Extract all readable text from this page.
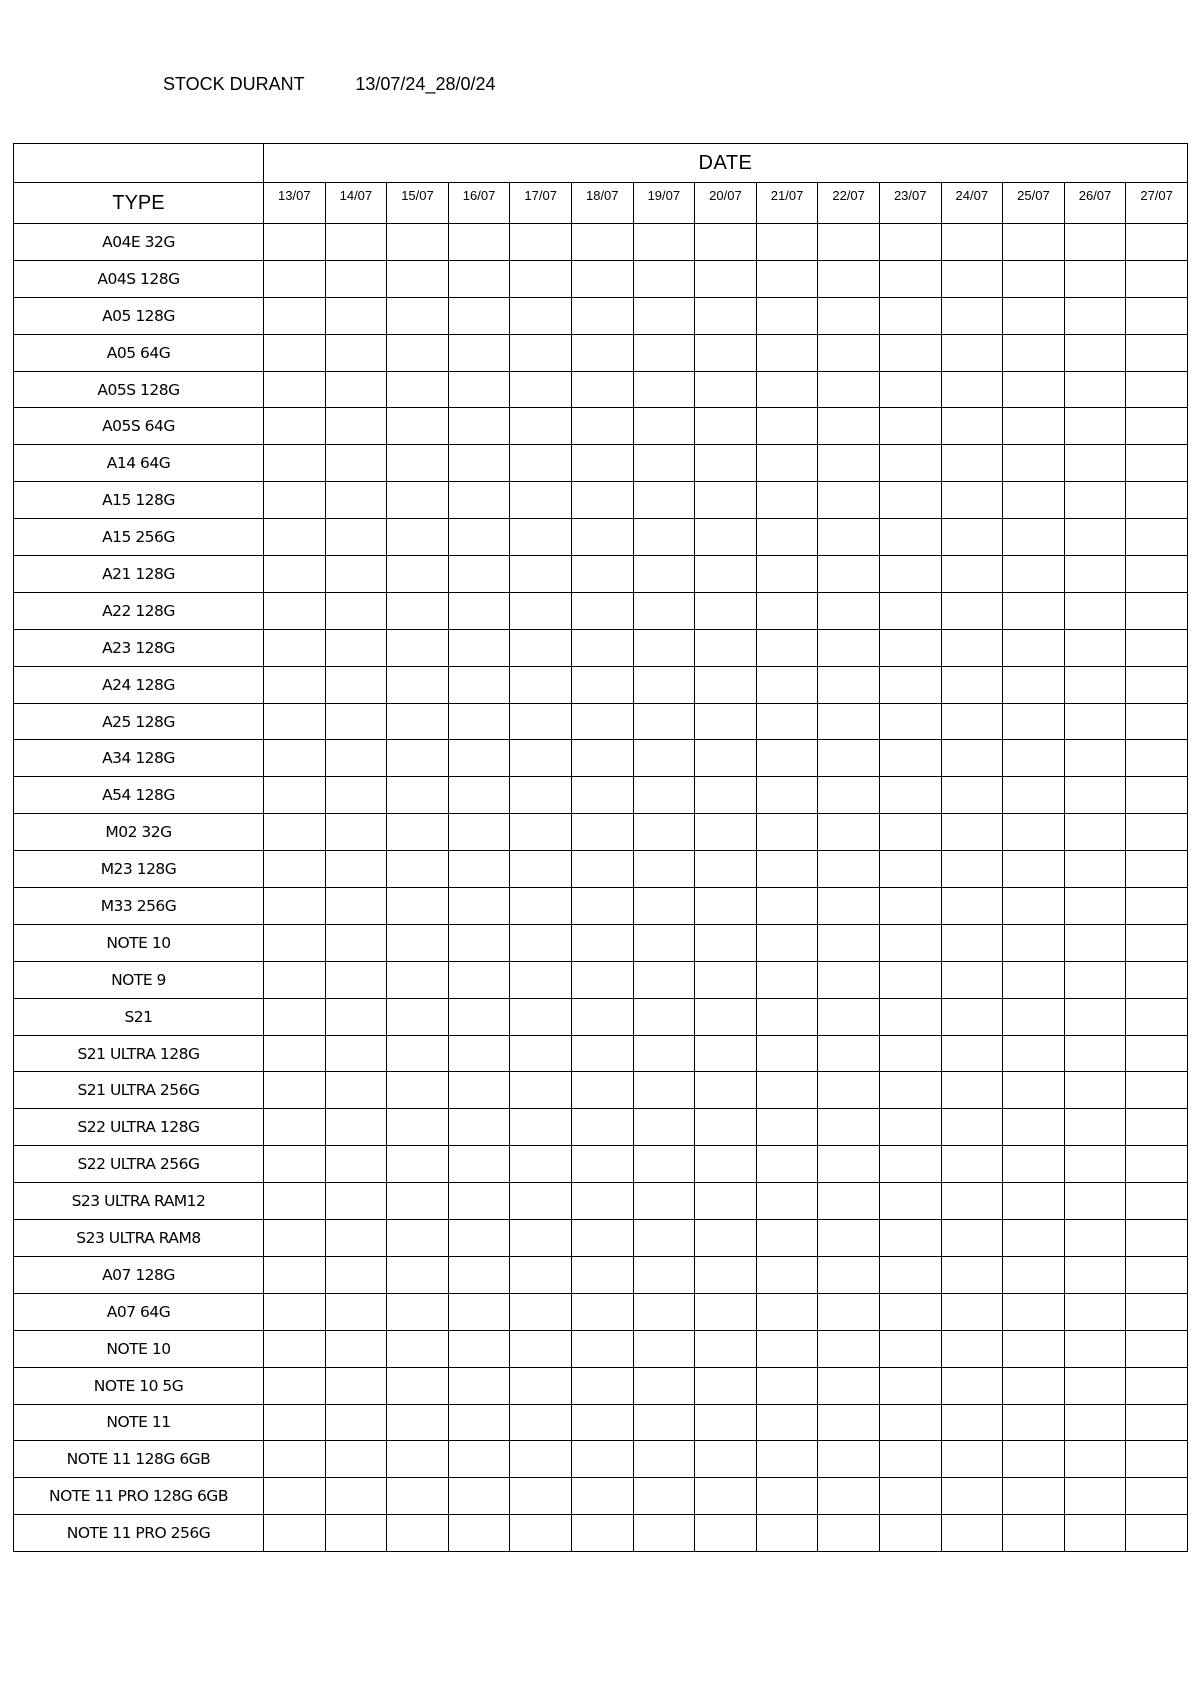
STOCK DURANT	13/07/24_28/0/24
	DATE														
TYPE	13/07	14/07	15/07	16/07	17/07	18/07	19/07	20/07	21/07	22/07	23/07	24/07	25/07	26/07	27/07
A04E 32G															
A04S 128G															
A05 128G															
A05 64G															
A05S 128G															
A05S 64G															
A14 64G															
A15 128G															
A15 256G															
A21 128G															
A22 128G															
A23 128G															
A24 128G															
A25 128G															
A34 128G															
A54 128G															
M02 32G															
M23 128G															
M33 256G															
NOTE 10															
NOTE 9															
S21															
S21 ULTRA 128G															
S21 ULTRA 256G															
S22 ULTRA 128G															
S22 ULTRA 256G															
S23 ULTRA RAM12															
S23 ULTRA RAM8															
A07 128G															
A07 64G															
NOTE 10															
NOTE 10 5G															
NOTE 11															
NOTE 11 128G 6GB															
NOTE 11 PRO 128G 6GB															
NOTE 11 PRO 256G															
